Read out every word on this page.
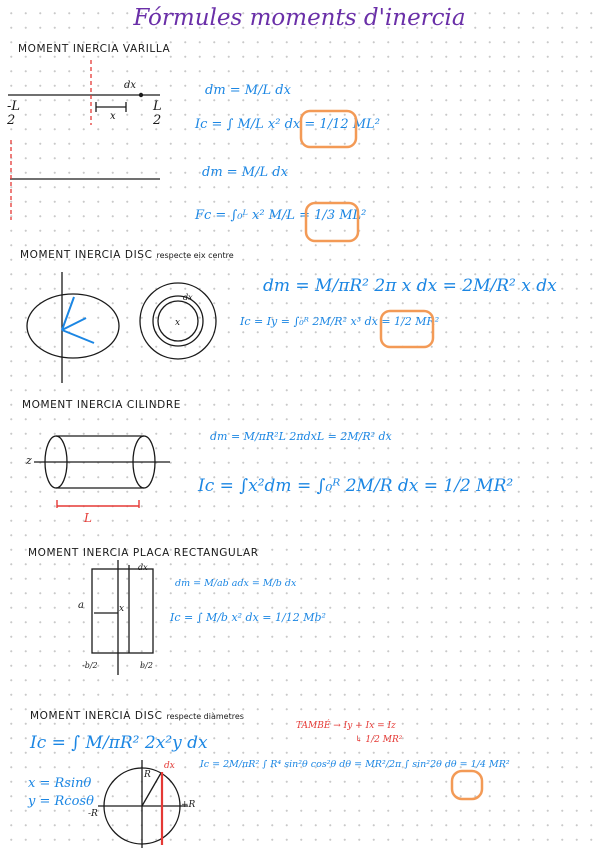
Fórmules moments d'inercia
MOMENT INERCIA VARILLA
-L
2
L
2
dx
x
dm = M/L dx
Ic = ∫ M/L x² dx = 1/12 ML²
dm = M/L dx
Fc = ∫₀ᴸ x² M/L = 1/3 ML²
MOMENT INERCIA DISC respecte eix centre
dm = M/πR² 2π x dx = 2M/R² x dx
Ic = Iy = ∫₀ᴿ 2M/R² x³ dx = 1/2 MR²
dx
x
MOMENT INERCIA CILINDRE
dm = M/πR²L 2πdxL = 2M/R² dx
Ic = ∫x²dm = ∫₀ᴿ 2M/R dx = 1/2 MR²
z
L
MOMENT INERCIA PLACA RECTANGULAR
dm = M/ab adx = M/b dx
Ic = ∫ M/b x² dx = 1/12 Mb²
a
dx
x
-b/2	b/2
MOMENT INERCIA DISC respecte diàmetres
Ic = ∫ M/πR² 2x²y dx
x = Rsinθ
y = Rcosθ
Ic = 2M/πR² ∫ R⁴ sin²θ cos²θ dθ = MR²/2π ∫ sin²2θ dθ = 1/4 MR²
TAMBÉ → Iy + Ix = Iz
↳ 1/2 MR²
R
-R
+R
dx
